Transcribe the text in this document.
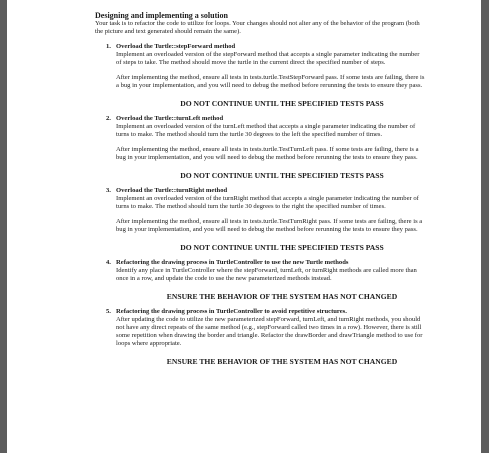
Designing and implementing a solution
Your task is to refactor the code to utilize for loops. Your changes should not alter any of the behavior of the program (both the picture and text generated should remain the same).
1. Overload the Turtle::stepForward method
Implement an overloaded version of the stepForward method that accepts a single parameter indicating the number of steps to take. The method should move the turtle in the current direct the specified number of steps.
After implementing the method, ensure all tests in tests.turtle.TestStepForward pass. If some tests are failing, there is a bug in your implementation, and you will need to debug the method before rerunning the tests to ensure they pass.
DO NOT CONTINUE UNTIL THE SPECIFIED TESTS PASS
2. Overload the Turtle::turnLeft method
Implement an overloaded version of the turnLeft method that accepts a single parameter indicating the number of turns to make. The method should turn the turtle 30 degrees to the left the specified number of times.
After implementing the method, ensure all tests in tests.turtle.TestTurnLeft pass. If some tests are failing, there is a bug in your implementation, and you will need to debug the method before rerunning the tests to ensure they pass.
DO NOT CONTINUE UNTIL THE SPECIFIED TESTS PASS
3. Overload the Turtle::turnRight method
Implement an overloaded version of the turnRight method that accepts a single parameter indicating the number of turns to make. The method should turn the turtle 30 degrees to the right the specified number of times.
After implementing the method, ensure all tests in tests.turtle.TestTurnRight pass. If some tests are failing, there is a bug in your implementation, and you will need to debug the method before rerunning the tests to ensure they pass.
DO NOT CONTINUE UNTIL THE SPECIFIED TESTS PASS
4. Refactoring the drawing process in TurtleController to use the new Turtle methods
Identify any place in TurtleController where the stepForward, turnLeft, or turnRight methods are called more than once in a row, and update the code to use the new parameterized methods instead.
ENSURE THE BEHAVIOR OF THE SYSTEM HAS NOT CHANGED
5. Refactoring the drawing process in TurtleController to avoid repetitive structures.
After updating the code to utilize the new parameterized stepForward, turnLeft, and turnRight methods, you should not have any direct repeats of the same method (e.g., stepForward called two times in a row). However, there is still some repetition when drawing the border and triangle. Refactor the drawBorder and drawTriangle method to use for loops where appropriate.
ENSURE THE BEHAVIOR OF THE SYSTEM HAS NOT CHANGED
